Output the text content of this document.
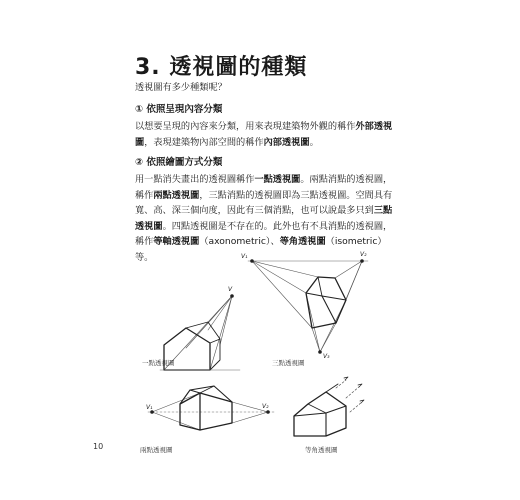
3. 透視圖的種類
透視圖有多少種類呢？
① 依照呈現內容分類
以想要呈現的內容來分類，用來表現建築物外觀的稱作外部透視圖，表現建築物內部空間的稱作內部透視圖。
② 依照繪圖方式分類
用一點消失畫出的透視圖稱作一點透視圖。兩點消點的透視圖，稱作兩點透視圖，三點消點的透視圖即為三點透視圖。空間具有寬、高、深三個向度，因此有三個消點，也可以說最多只到三點透視圖。四點透視圖是不存在的。此外也有不具消點的透視圖，稱作等軸透視圖（axonometric）、等角透視圖（isometric）等。
V
V₁	V₂
V₃
V₁	V₂
一點透視圖	三點透視圖
兩點透視圖	等角透視圖
10
